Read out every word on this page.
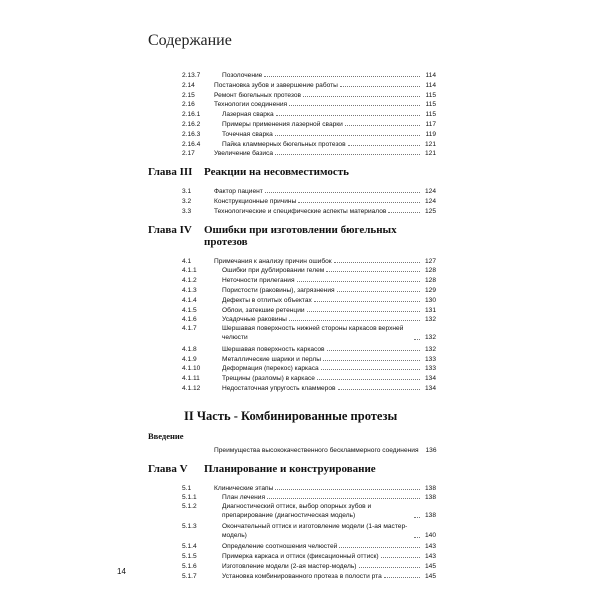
Содержание
2.13.7	Позолочение	114
2.14	Постановка зубов и завершение работы	114
2.15	Ремонт бюгельных протезов	115
2.16	Технологии соединения	115
2.16.1	Лазерная сварка	115
2.16.2	Примеры применения лазерной сварки	117
2.16.3	Точечная сварка	119
2.16.4	Пайка кламмерных бюгельных протезов	121
2.17	Увеличение базиса	121
Глава III Реакции на несовместимость
3.1	Фактор пациент	124
3.2	Конструкционные причины	124
3.3	Технологические и специфические аспекты материалов	125
Глава IV Ошибки при изготовлении бюгельных
протезов
4.1	Примечания к анализу причин ошибок	127
4.1.1	Ошибки при дублировании гелем	128
4.1.2	Неточности прилегания	128
4.1.3	Пористости (раковины), загрязнения	129
4.1.4	Дефекты в отлитых объектах	130
4.1.5	Облои, затекшие ретенции	131
4.1.6	Усадочные раковины	132
4.1.7	Шершавая поверхность нижней стороны каркасов верхней челюсти	132
4.1.8	Шершавая поверхность каркасов	132
4.1.9	Металлические шарики и перлы	133
4.1.10	Деформация (перекос) каркаса	133
4.1.11	Трещины (разломы) в каркасе	134
4.1.12	Недостаточная упругость кламмеров	134
II Часть - Комбинированные протезы
Введение
Преимущества высококачественного бескламмерного соединения	136
Глава V Планирование и конструирование
5.1	Клинические этапы	138
5.1.1	План лечения	138
5.1.2	Диагностический оттиск, выбор опорных зубов и препарирование (диагностическая модель)	138
5.1.3	Окончательный оттиск и изготовление модели (1-ая мастер-модель)	140
5.1.4	Определение соотношения челюстей	143
5.1.5	Примерка каркаса и оттиск (фиксационный оттиск)	143
5.1.6	Изготовление модели (2-ая мастер-модель)	145
5.1.7	Установка комбинированного протеза в полости рта	145
14
